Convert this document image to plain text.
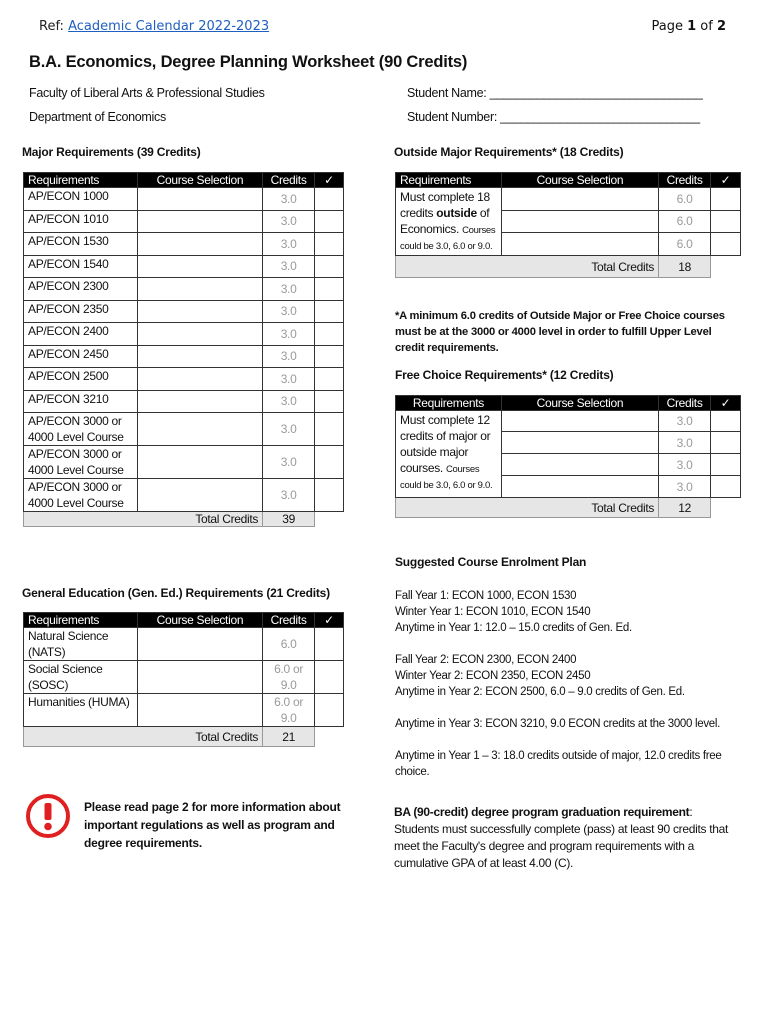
Ref: Academic Calendar 2022-2023	Page 1 of 2
B.A. Economics, Degree Planning Worksheet (90 Credits)
Faculty of Liberal Arts & Professional Studies
Department of Economics
Student Name: ________________________________
Student Number: ______________________________
Major Requirements (39 Credits)
Requirements	Course Selection	Credits	✓
AP/ECON 1000		3.0	
AP/ECON 1010		3.0	
AP/ECON 1530		3.0	
AP/ECON 1540		3.0	
AP/ECON 2300		3.0	
AP/ECON 2350		3.0	
AP/ECON 2400		3.0	
AP/ECON 2450		3.0	
AP/ECON 2500		3.0	
AP/ECON 3210		3.0	
AP/ECON 3000 or 4000 Level Course		3.0	
AP/ECON 3000 or 4000 Level Course		3.0	
AP/ECON 3000 or 4000 Level Course		3.0	
Total Credits		39	
Outside Major Requirements* (18 Credits)
Requirements	Course Selection	Credits	✓

Must complete 18
credits outside of
Economics. Courses
could be 3.0, 6.0 or 9.0.		6.0	
		6.0	
		6.0	
Total Credits		18	
*A minimum 6.0 credits of Outside Major or Free Choice courses must be at the 3000 or 4000 level in order to fulfill Upper Level credit requirements.
Free Choice Requirements* (12 Credits)
Requirements	Course Selection	Credits	✓

Must complete 12
credits of major or
outside major
courses. Courses
could be 3.0, 6.0 or 9.0.		3.0	
		3.0	
		3.0	
		3.0	
Total Credits		12	
General Education (Gen. Ed.) Requirements (21 Credits)
Requirements	Course Selection	Credits	✓
Natural Science (NATS)		6.0	
Social Science (SOSC)		6.0 or 9.0	
Humanities (HUMA)		6.0 or 9.0	
Total Credits		21	
Suggested Course Enrolment Plan
Fall Year 1: ECON 1000, ECON 1530
Winter Year 1: ECON 1010, ECON 1540
Anytime in Year 1: 12.0 – 15.0 credits of Gen. Ed.
Fall Year 2: ECON 2300, ECON 2400
Winter Year 2: ECON 2350, ECON 2450
Anytime in Year 2: ECON 2500, 6.0 – 9.0 credits of Gen. Ed.
Anytime in Year 3: ECON 3210, 9.0 ECON credits at the 3000 level.
Anytime in Year 1 – 3: 18.0 credits outside of major, 12.0 credits free choice.
Please read page 2 for more information about important regulations as well as program and degree requirements.
BA (90-credit) degree program graduation requirement:
Students must successfully complete (pass) at least 90 credits that meet the Faculty's degree and program requirements with a cumulative GPA of at least 4.00 (C).
